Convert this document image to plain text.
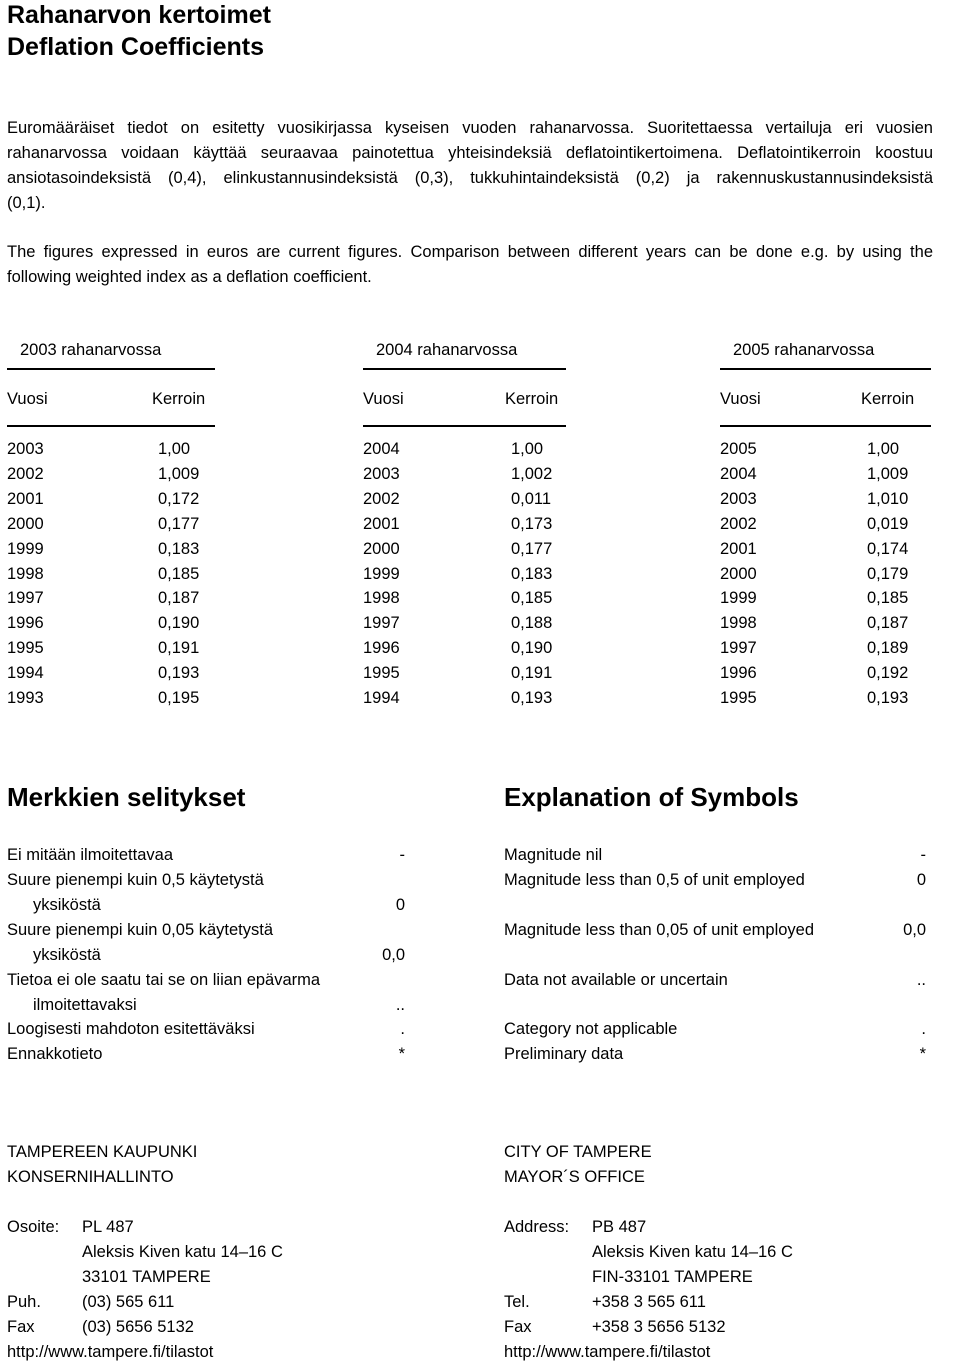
Rahanarvon kertoimet
Deflation Coefficients
Euromääräiset tiedot on esitetty vuosikirjassa kyseisen vuoden rahanarvossa. Suoritettaessa vertailuja eri vuosien
rahanarvossa voidaan käyttää seuraavaa painotettua yhteisindeksiä deflatointikertoimena. Deflatointikerroin koostuu
ansiotasoindeksistä (0,4), elinkustannusindeksistä (0,3), tukkuhintaindeksistä (0,2) ja rakennuskustannusindeksistä
(0,1).
The figures expressed in euros are current figures. Comparison between different years can be done e.g. by using the
following weighted index as a deflation coefficient.
2003 rahanarvossa
Vuosi	Kerroin
2003	1,00
2002	1,009
2001	0,172
2000	0,177
1999	0,183
1998	0,185
1997	0,187
1996	0,190
1995	0,191
1994	0,193
1993	0,195
2004 rahanarvossa
Vuosi	Kerroin
2004	1,00
2003	1,002
2002	0,011
2001	0,173
2000	0,177
1999	0,183
1998	0,185
1997	0,188
1996	0,190
1995	0,191
1994	0,193
2005 rahanarvossa
Vuosi	Kerroin
2005	1,00
2004	1,009
2003	1,010
2002	0,019
2001	0,174
2000	0,179
1999	0,185
1998	0,187
1997	0,189
1996	0,192
1995	0,193
Merkkien selitykset	Explanation of Symbols
Ei mitään ilmoitettavaa	-
Suure pienempi kuin 0,5 käytetystä
yksiköstä	0
Suure pienempi kuin 0,05 käytetystä
yksiköstä	0,0
Tietoa ei ole saatu tai se on liian epävarma
ilmoitettavaksi	..
Loogisesti mahdoton esitettäväksi	.
Ennakkotieto	*
Magnitude nil	-
Magnitude less than 0,5 of unit employed	0
Magnitude less than 0,05 of unit employed	0,0
Data not available or uncertain	..
Category not applicable	.
Preliminary data	*
TAMPEREEN KAUPUNKI
KONSERNIHALLINTO
Osoite: PL 487
Aleksis Kiven katu 14–16 C
33101 TAMPERE
Puh. (03) 565 611
Fax	(03) 5656 5132
http://www.tampere.fi/tilastot
CITY OF TAMPERE
MAYOR´S OFFICE
Address: PB 487
Aleksis Kiven katu 14–16 C
FIN-33101 TAMPERE
Tel.	+358 3 565 611
Fax	+358 3 5656 5132
http://www.tampere.fi/tilastot
